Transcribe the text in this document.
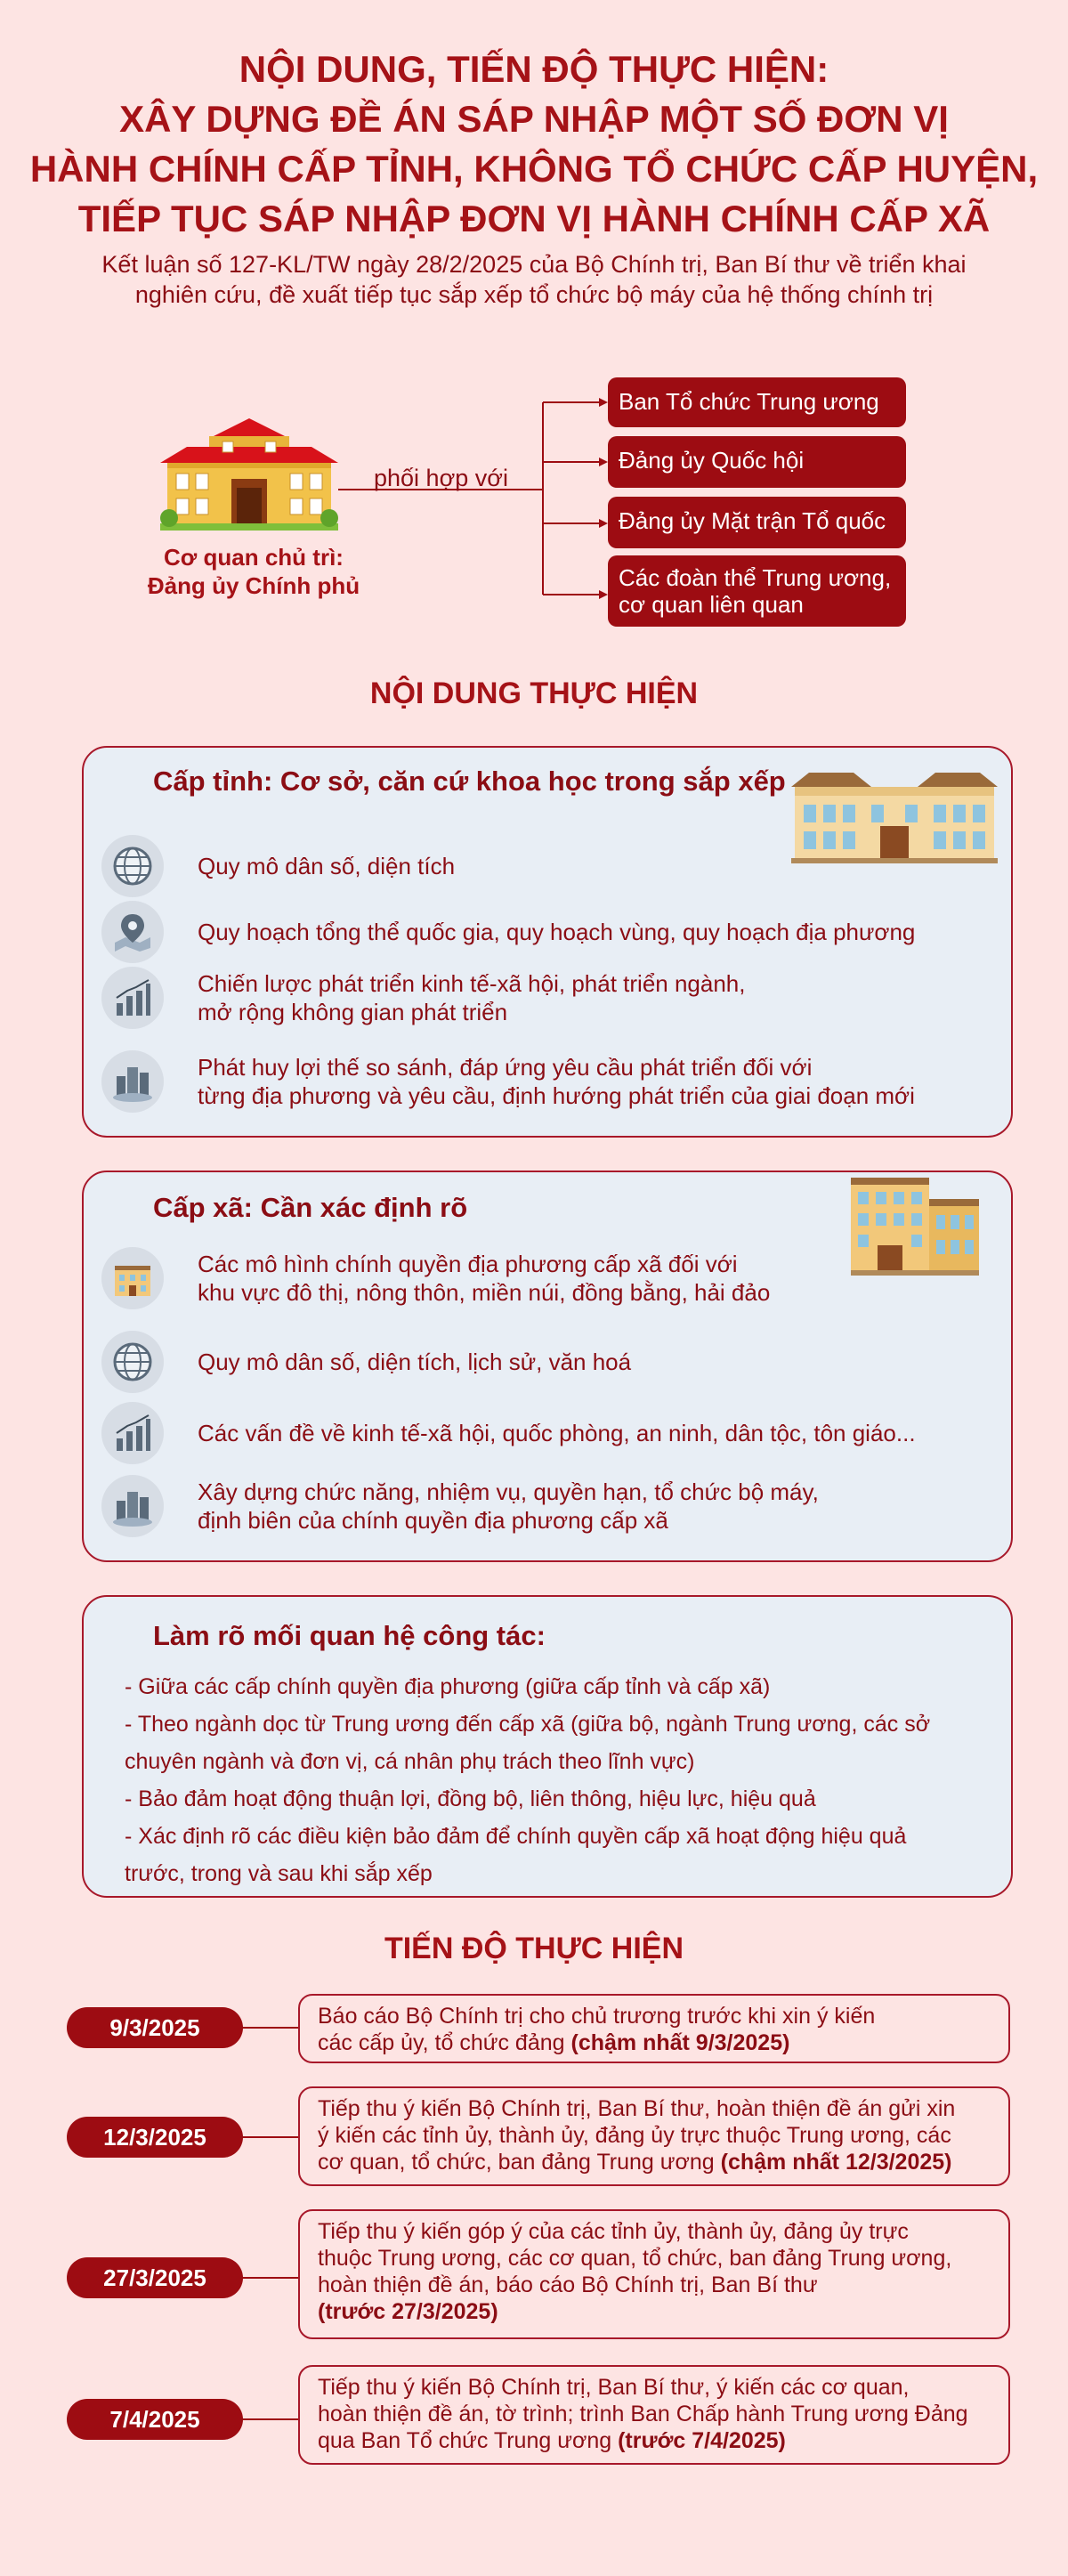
NỘI DUNG, TIẾN ĐỘ THỰC HIỆN:
XÂY DỰNG ĐỀ ÁN SÁP NHẬP MỘT SỐ ĐƠN VỊ
HÀNH CHÍNH CẤP TỈNH, KHÔNG TỔ CHỨC CẤP HUYỆN,
TIẾP TỤC SÁP NHẬP ĐƠN VỊ HÀNH CHÍNH CẤP XÃ
Kết luận số 127-KL/TW ngày 28/2/2025 của Bộ Chính trị, Ban Bí thư về triển khai
nghiên cứu, đề xuất tiếp tục sắp xếp tổ chức bộ máy của hệ thống chính trị
Cơ quan chủ trì:
Đảng ủy Chính phủ
phối hợp với
Ban Tổ chức Trung ương
Đảng ủy Quốc hội
Đảng ủy Mặt trận Tổ quốc
Các đoàn thể Trung ương,
cơ quan liên quan
NỘI DUNG THỰC HIỆN
Cấp tỉnh: Cơ sở, căn cứ khoa học trong sắp xếp
Quy mô dân số, diện tích
Quy hoạch tổng thể quốc gia, quy hoạch vùng, quy hoạch địa phương
Chiến lược phát triển kinh tế-xã hội, phát triển ngành,
mở rộng không gian phát triển
Phát huy lợi thế so sánh, đáp ứng yêu cầu phát triển đối với
từng địa phương và yêu cầu, định hướng phát triển của giai đoạn mới
Cấp xã: Cần xác định rõ
Các mô hình chính quyền địa phương cấp xã đối với
khu vực đô thị, nông thôn, miền núi, đồng bằng, hải đảo
Quy mô dân số, diện tích, lịch sử, văn hoá
Các vấn đề về kinh tế-xã hội, quốc phòng, an ninh, dân tộc, tôn giáo...
Xây dựng chức năng, nhiệm vụ, quyền hạn, tổ chức bộ máy,
định biên của chính quyền địa phương cấp xã
Làm rõ mối quan hệ công tác:
- Giữa các cấp chính quyền địa phương (giữa cấp tỉnh và cấp xã)
- Theo ngành dọc từ Trung ương đến cấp xã (giữa bộ, ngành Trung ương, các sở
chuyên ngành và đơn vị, cá nhân phụ trách theo lĩnh vực)
- Bảo đảm hoạt động thuận lợi, đồng bộ, liên thông, hiệu lực, hiệu quả
- Xác định rõ các điều kiện bảo đảm để chính quyền cấp xã hoạt động hiệu quả
trước, trong và sau khi sắp xếp
TIẾN ĐỘ THỰC HIỆN
9/3/2025	Báo cáo Bộ Chính trị cho chủ trương trước khi xin ý kiến
các cấp ủy, tổ chức đảng (chậm nhất 9/3/2025)
12/3/2025
Tiếp thu ý kiến Bộ Chính trị, Ban Bí thư, hoàn thiện đề án gửi xin
ý kiến các tỉnh ủy, thành ủy, đảng ủy trực thuộc Trung ương, các
cơ quan, tổ chức, ban đảng Trung ương (chậm nhất 12/3/2025)
27/3/2025
Tiếp thu ý kiến góp ý của các tỉnh ủy, thành ủy, đảng ủy trực
thuộc Trung ương, các cơ quan, tổ chức, ban đảng Trung ương,
hoàn thiện đề án, báo cáo Bộ Chính trị, Ban Bí thư
(trước 27/3/2025)
7/4/2025
Tiếp thu ý kiến Bộ Chính trị, Ban Bí thư, ý kiến các cơ quan,
hoàn thiện đề án, tờ trình; trình Ban Chấp hành Trung ương Đảng
qua Ban Tổ chức Trung ương (trước 7/4/2025)
